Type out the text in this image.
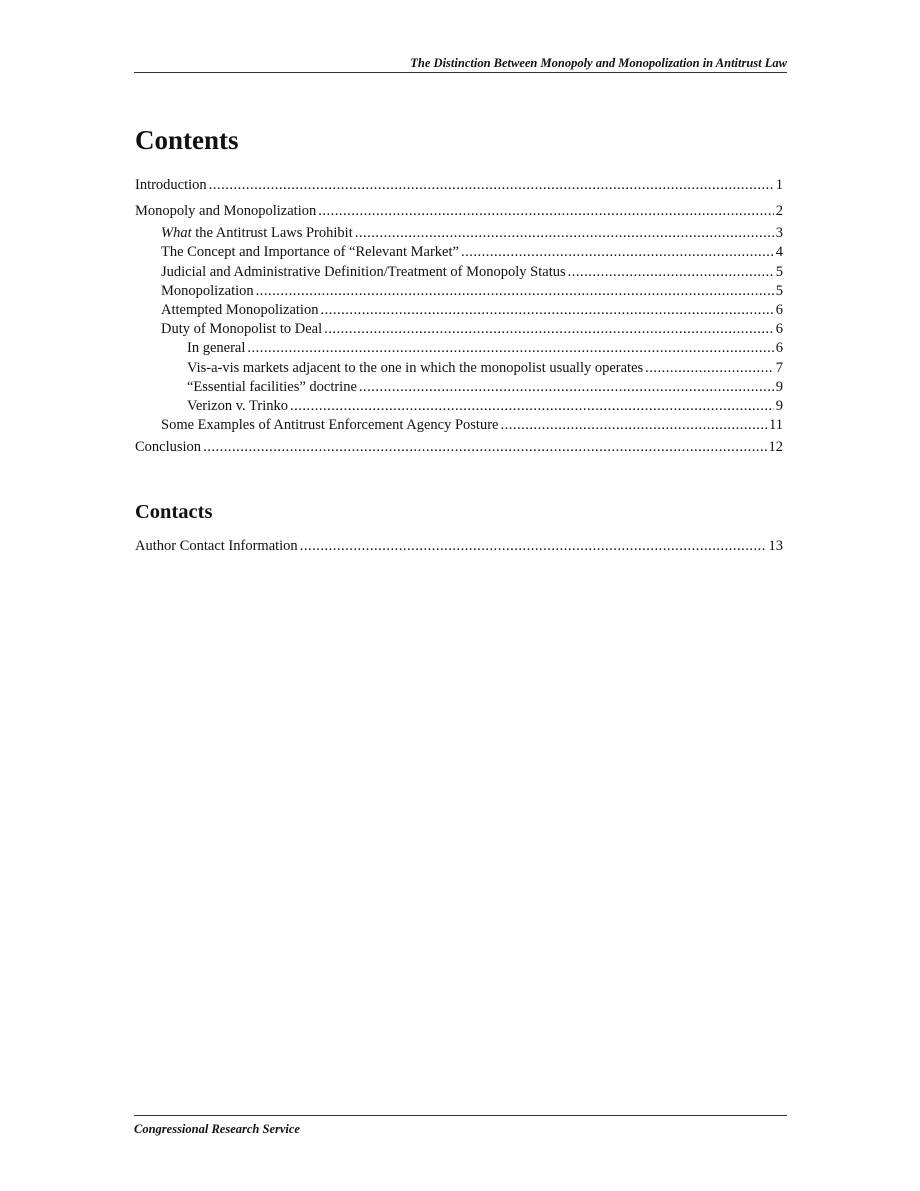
The Distinction Between Monopoly and Monopolization in Antitrust Law
Contents
Introduction .....	1
Monopoly and Monopolization .....	2
What the Antitrust Laws Prohibit .....	3
The Concept and Importance of “Relevant Market” .....	4
Judicial and Administrative Definition/Treatment of Monopoly Status .....	5
Monopolization .....	5
Attempted Monopolization .....	6
Duty of Monopolist to Deal .....	6
In general .....	6
Vis-a-vis markets adjacent to the one in which the monopolist usually operates .....	7
“Essential facilities” doctrine .....	9
Verizon v. Trinko .....	9
Some Examples of Antitrust Enforcement Agency Posture .....	11
Conclusion .....	12
Contacts
Author Contact Information .....	13
Congressional Research Service
